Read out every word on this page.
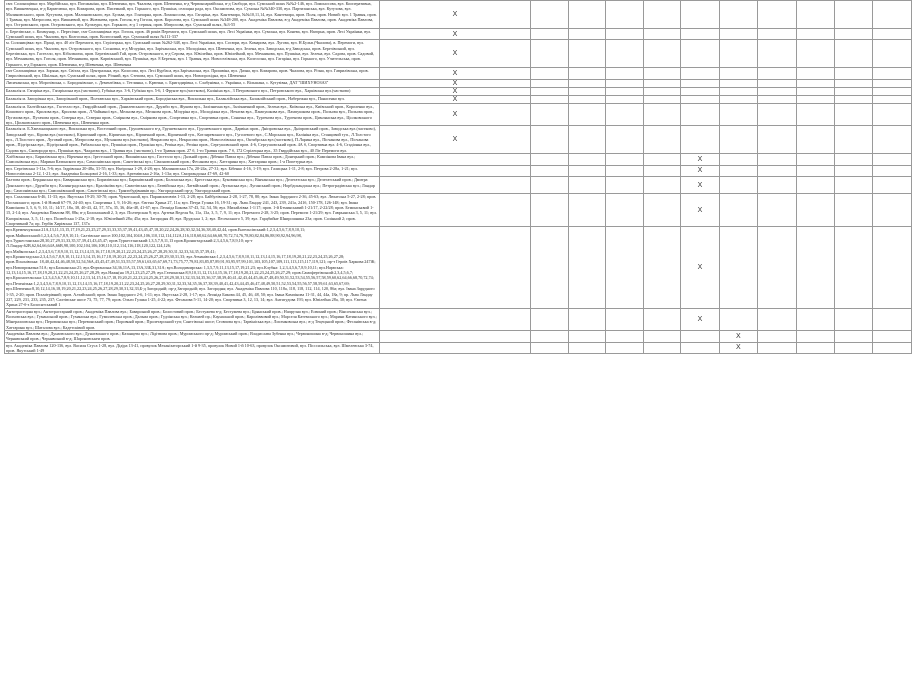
смт. Солоницівка: вул. Марбійська, вул. Погожаніна, вул. Шевченка, вул. Чкалова, пров. Шевченка, в-д Червоноармійська, в-д Свободи, вул. Сумський шлях №№2-146, вул. Ломоносова, вул. Кооперативна, вул. Вишневецька, в-д Кармелюка, вул. Комарова, пров. Писемний, вул. Горького, вул. Пушкіна, селищна рада, вул. Оксамитова, вул. Сумська №№340-330, вул. Партизанська, вул. Кутузова, вул. Малиновського, пров. Кутузова, пров. Малиновського, вул. Бульва, вул. Гончарна, пров. Ломоносова, вул. Гагаріна, вул. Кантемира, №№10,11,14, вул. Кантемира, пров. Поля, пров. Новий: вул. 1 Травня, пров. 1 Травня, вул. Матросова, вул. Вишневий, вул. Жовтнева, пров. Гоголя, в-д Гоголя, пров. Королєва, вул. Сумський шлях №348-200, вул. Академіка Павлова, в-д Академіка Павлова, пров. Академіка Павлова, вул. Островського, пров. Островського, вул. Культури, вул. Горького, в-д 1 серпня, пров. Матросова, вул. Сумський шлях, №3-55	X										
с. Березівське, с. Коммунар, с. Пересічне, смт Солоницівка: вул. Гоголя, пров. 46 років Перемоги, вул. Сумський шлях, вул. Лесі Українки, вул. Сумська, вул. Конева, вул. Нагорна, пров. Лесі Українки, вул. Сумський шлях, вул. Чкалова, вул. Колгоспна, пров. Колгоспний, вул. Сумський шлях №111-337	X										
м. Солоницівка: вул. Праці, вул. 40 літ Перемоги, вул. Стрілецька, вул. Сумський шлях №262-348, вул. Лесі Українки, вул. Сосюри, вул. Комарова, вул. Лугова, вул. Н.Бульв.(Чкалова), в. Перемоги, вул. Сумський шлях, вул. Чкалова, вул. Островського, вул. Сосновка, в-д Мічуріна, вул. Зарічанська, вул. Молодіжна, вул. Шевченка, вул. Зелена, вул. Заводська, в-д Заводська, пров. Березівський, вул. Березівська, вул. Гастелло, вул. Кібальчича, пров. Березівський Гай, пров. Островського, в-д Серова, вул. Ювілейна, пров. Ювілейний, вул. Мечникова, вул. Пушкіна, вул. Зелена, вул. Садова, пров. Садовий, вул. Мечникова, вул. Гоголя, пров. Мечникова, пров. Карпівський, вул. Пушкіна, вул. 8 Березня, вул. 1 Травня, вул. Новоселівська, вул. Колгоспна, вул. Гагаріна, вул. Горького, вул. Учительська, пров. Горького, в-д Горького, пров. Шевченка, в-д Шевченка, вул. Шевченка	X										
смт Солоницівка: вул. Зорянa, вул. Світла, вул. Центральна, вул. Колосова, вул. Лесі Курбаса, вул.Зарічанська, вул. Пришвіна, вул. Дачна, вул. Комарова, пров. Чкалова, вул. Річна, вул. Гаврилівська, пров. Гаврилівський, вул. Шкільна, вул. Сумський шлях, пров. Річний, вул. Степова, вул. Сумський шлях, вул. Новопрохідна, вул. Шевченка	X										
Лисичанська, вул. Морозівська, с. Бородонівське, с. Дементіївка, с. Тетлинка, с. Крючки, с. Бригадирівка, с. Слабунівка, с. Українка, с. Вільшана, с. Кутузівка, ДАТ "ШИХУНОЗАЗ"	X										
Балаклія м. Гагаріна вул., Гагарінська вул.(частково), Губкіна вул. 3-6, Губкіна вул. 5-6, 1 Фрунзе вул.(частково), Калініна вул., 3 Петровського вул., Петровського вул., Харківська вул.(частково)	X										
Балаклія м. Запорізька вул., Запорізький пров., Полтавська вул., Харківський пров., Бородінська вул., Вокзальна вул., Балаклійська вул., Балаклійський пров., Набережна вул., Панасенко вул.	X										
Балаклія м. Балтійська вул., Гастелло вул., Гвардійський пров., Данилевського вул., Дружби вул., Жукова вул., Залізнична вул., Залізничний пров., Зелена вул., Київська вул., Київський пров., Короленко вул., Кошового пров., Крилова вул., Крилова пров., Л.Чайкиної вул., Мелнова вул., Мелнова пров., Мічуріна вул., Молодіжна вул., Нечаєва вул., Пампушкова вул., Пампушкова пров., Польова вул., Польова пров., Пугачова вул., Пугачова пров., Сєверна вул., Сєверна пров., Смірнова вул., Смірнова пров., Спортивна вул., Спортивна пров., Сонячна вул., Тургенєва вул., Тургенєва пров., Цимлянська вул., Ціолковського вул., Ціолковського пров., Шевченка вул., Шевченка пров.	X										
Балаклія м. Б.Хмельницького вул., Вокзальна вул., Восточний пров., Грушевського в-д, Грушевського вул., Грушевського пров., Дарвіна пров., Дніпровська вул., Дніпровський пров., Заводська вул.(частково), Заводський туп., Кірова вул.(частково), Кірпичний пров., Кірпична вул., Кірпичний пров., Кірпичний туп., Котляревського вул., Гуголевого вул., С.Морськая вул., Калініна вул., Станцовий туп., Л.Толстого вул., Л.Толстого пров., Луговий пров., Матросова вул., Муханова вул.(частково), Некрасова вул., Некрасова пров., Новоселівська вул., Октябрська вул.(частково), П.Ларина вул., Пісчанова вул., Пісчанова пров., Підгірська вул., Підгірський пров., Рибальська вул., Пушкіна пров., Пушкіна вул., Репіна вул., Репіна пров., Сергушовський пров. 4-6, Сергушовський пров. 4А б, Спортивна вул. 4-6, Стадіонна вул., Садова вул., Сковороди вул., Пушкіна вул., Чаадаєва вул., 1 Травня вул. (частково), 1-го Травня пров. 27 б, 1-го Травня пров. 7 б, 172 Стрілецька вул., 35 Гвардійська вул., 40 Літ Перемоги вул.	X										
Хлібівська вул.; Бирилівська вул.; Вірченка вул.; Ірестський пров.; Вишнівська вул.; Гастелло вул.; Дальній пров.; Дібенко Павла вул.; Дібенко Павла пров.; Донецький пров.; Кампінова Івана вул.; Самсонівська вул.; Марини Кaтинского вул.; Самсонівська пров.; Сантгівські вул.; Сімоновський пров.; Фесанова вул.; Хаттарина вул.; Хаттарина пров.; 1-а Попетурна вул.						X					
вул. Сергієвська 1-11а, 5-6; вул. Іздрівська 20-48а, 31-55; вул. Нагірська 1-29, 4-28; вул. Малиновська 17а, 20-24а, 27-31; вул. Бібенко 4-16, 1-19; вул. Галицька 1-11, 2-8; вул. Петрова 2-28а, 1-21; вул. Новоселівська 2-12, 1-21; вул. Академіка Больцової 2-16, 1-33; вул. Артемівська 2-16а, 1-13а; вул. Сморгандська 47-69, 42-60						X					
Балтова пров.; Бердянська вул.; Баварьянська вул.; Бирилівська вул.; Баринівський пров.; Болонська вул.; Брестська вул.; Буковинська вул.; Вінчанська вул.; Делегатська вул.; Делегатський пров.; Дмитра Донського вул.; Дружби вул.; Калинградська вул.; Кралікоїва вул.; Самотівська вул.; Латвійська вул.; Латвійський пров.; Луганська вул.; Луганський пров.; Норбдскандська вул.; Петроградівська вул.; Ландар пр.; Самсонівська вул.; Самсонівський пров.; Сантгівські вул.; Трактобудівників пр.; Ужгородський пр-д; Ужгородський пров.						X					
вул. Сахалинська 6-46, 11-33; вул. Якутська 19-29, 30-70; пров. Чукотський, вул. Парамонтовтів 1-13, 2-28; вул. Байбулівська 2-28, 1-27, 78, 80; вул. Івана Зарудного 2-36, 45-63; вул. Люнеська 5-27, 2-28; пров. Посмаського; пров. 1-й Новий 67-79, 24-40; вул. Спортивна 1, 9, 16-26; вул. Євгена Хрина 27, 11а; вул. Петра Гуляка 16, 19-31; пр. Льва Ландау 241, 243, 239, 241а, 241б, 150-178, 126-148; вул. Івана Кампінова 3, 5, 6, 9, 10, 11; 14/17, 18а, 38, 40-43, 42, 57, 57а, 35, 36, 46а-48, 41-67; вул. Леоніда Бикова 37-43, 52, 54, 56; вул. Михайлівка 1-1/17; пров. 1-й Бтминськвий 1-21/17, 2-22/28; пров. Бтминськвий 1-15, 2-14; вул. Академіка Павлова 88, 88к; в-д Болонськвий 2, 3; вул. Полтерская 9; вул. Артема Веделя 9а, 11а, 13а, 3, 5, 7, 9, 11; вул. Перемоги 2-28, 3-25; пров. Перемоги 1-21/29; вул. Гаврьянська 3, 5, 11; вул. Кагорківська, 3, 5, 11; вул. Полюбська 1-25а, 2-18; вул. Ювілейний 28а; 45а; вул. Загородня 49, вул. Прудська 1, 2; вул. Песенського 5, 39; вул. Гарцбийне Шнирошника 23а; пров. Солінний 2; пров. Спортивний 7а; пр. Гербів Хирівська 137, 137а						X					
вул.Кременчукська:21А,13,11,13,15,17,19,21,23,25,27,29,31,33,35,37,39,41,43,45,47,18,20,22,24,26,28,30,32,34,36,38,40,42,44, пров.Енгельсівський:1,2,3,4,5,6,7,8,9,10,11; пров.Майкопський:1,2,3,4,5,6,7,8,9,10,11; Салтівське шосе:100,102,104,104А,106,110,112,114,112А,116,118,60,62,64,66,68,70,72,74,76,78,80,82,84,86,88,90,92,94,96,98, вул.Туркестанська:28,30,27,29,31,33,35,37,39,41,43,45,47; пров.Туркестанський:1,3,5,7,9,11,13 пров.Кронштадський:2,3,4,5,6,7,8,9,10; пр-т Л.Ландау:62В,62,64,66,64А,66В,98,100,102,104,106,108,110,112,114,116,118,120,122,124,126; вул.Майкопська:1,2,3,4,5,6,7,8,9,10,11,12,13,14,15,16,17,18,19,20,21,22,23,24,25,26,27,28,29,30,31,32,33,34,35,37,39,41; вул.Кронштадська:2,3,4,5,6,7,8,9,10,11,12,13,14,15,16,17,18,19,20,21,22,23,24,25,26,27,28,29,30,31,33; вул.Атманівська:1,2,3,4,5,6,7,8,9,10,11,12,13,14,15,16,17,18,19,20,21,22,23,24,25,26,27,28; пров.Псьонівська: 18,40,42,44,46,48,50,52,54,56А,43,45,47,49,51,53,55,57,59,61,63,65,67,69,71,73,75,77,79,81,83,85,87,89,91,93,95,97,99,101,103,105,107,109,111,113,115,117,119,121; пр-т Героїв Харкова:247Ж; вул.Новоприкатна:51А; вул.Балканська:21; вул.Фортанська:34,36,11А,13,13А,33Б,31,31А; вул.Володимирська: 1,3,5,7,9,11,13,15,17,19,21,23; вул.Клубна: 1,2,3,4,5,6,7,8,9,10,11; вул.Нарвська: 12,13,14,15,16,17,18,19,20,21,22,23,24,25,26,27,28,29; вул.Нажн(на 19,21,23,25,27,29; вул.Гатчинська:8,9,10,11,12,13,14,15,16,17,18,19,20,21,22,23,24,25,26,27,29; пров.Самофертівський:2,3,4,5,6,7; вул.Красногельська:1,2,3,4,5,6,7,8,9,10,11,12,13,14,15,16,17,18,19,20,21,22,23,24,25,26,27,28,29,30,31,32,33,34,35,36,37,38,39,40,41,42,43,44,45,46,47,48,49,50,51,52,53,54,55,56,57,58,59,60,62,64,66,68,70,72,74; вул.Печенізька:1,2,3,4,5,6,7,8,9,10,11,12,13,14,15,16,17,18,19,20,21,22,23,24,25,26,27,28,29,30,31,32,33,34,35,36,37,38,39,40,41,42,43,44,45,46,47,48,49,50,51,52,53,54,55,56,57,58,59,61,63,65,67,69; вул.Шевченка:8,10,12,14,16,18,19,20,21,22,23,24,25,26,27,28,29,30,31,32,33,Б-д Загородній; пр-д Загородній; вул. Загородня; вул. Академіка Павлова 110, 118а, 118, 118, 112, 114, 120, 86а; вул. Івана Зарудного 1-35, 2-20; пров. Псьмітрівний; пров. Алтайський; пров. Івана Зарудного 2-6, 1-11; вул. Якутська 2-28, 1-17; вул. Леоніда Бикова 44, 45, 46, 48, 50; вул. Івана Кампінова 11-31, 44, 44а, 18а, 9; пр. Льва Ландау 227, 229, 231, 233, 235, 237; Салтівське шосе 73, 75, 77, 79; пров. Ольги Гуляка 1-25, 4-22; вул. Фесанова 5-11, 14-20; вул. Спортивна 3, 12, 13, 14; вул. Антигудова 193; вул. Ювілейна 28а, 30; вул. Євгена Хрина 27-б-з Болоснтськвий 1						X					
Антотрасторна вул.; Антотрастарний пров.; Академіка Павлова вул.; Баварський пров.; Болостовий пров.; Бестужева в-д; Бестужева вул.; Брянський пров.; Напрузна вул.; Есвиний пров.; Вінсочанська вул.; Волховська вул.; Гуманський пров.; Гуманська вул.; Гумилевська пров.; Дальма пров.; Гудзінська вул.; Кельвей пр.; Каунаський пров.; Кароліввовий вул.; Марселя Катемського вул.; Марини Катинського вул.; Мінералоовська вул.; Перовонська вул.; Перевонський пров.; Поровняй пров.; Пролетарський туп; Сантгівські шосе; Стовпова вул.; Тарвініська вул.; Лисенковська вул.; в-д Тецецький пров.; Фесанівська в-д; Хаттарина вул.; Шаталова вул.; Кадетсківий пров.						X					
Академіка Павлова вул.; Дунаєвського вул.; Дунаєвського пров.; Казанцева вул.; Лідітвова пров.; Муромського пр-д; Муромський пров.; Владислава Зубенка вул.; Червоношина в-д; Червоношина вул.; Чернявський пров.; Чернявський в-д; Шароновськеи пров.							X				
вул. Академіка Павлова 120-136, вул. Василя Стуса 1-28, вул. Дідіра 13-41, провулок Механізаторський 1-й 9-35, провулок Новий 1-й 10-63, провулок Оксамитовий, вул. Пісссильська, вул. Шмелевська 3-74, пров. Якутський 1-49							X				
